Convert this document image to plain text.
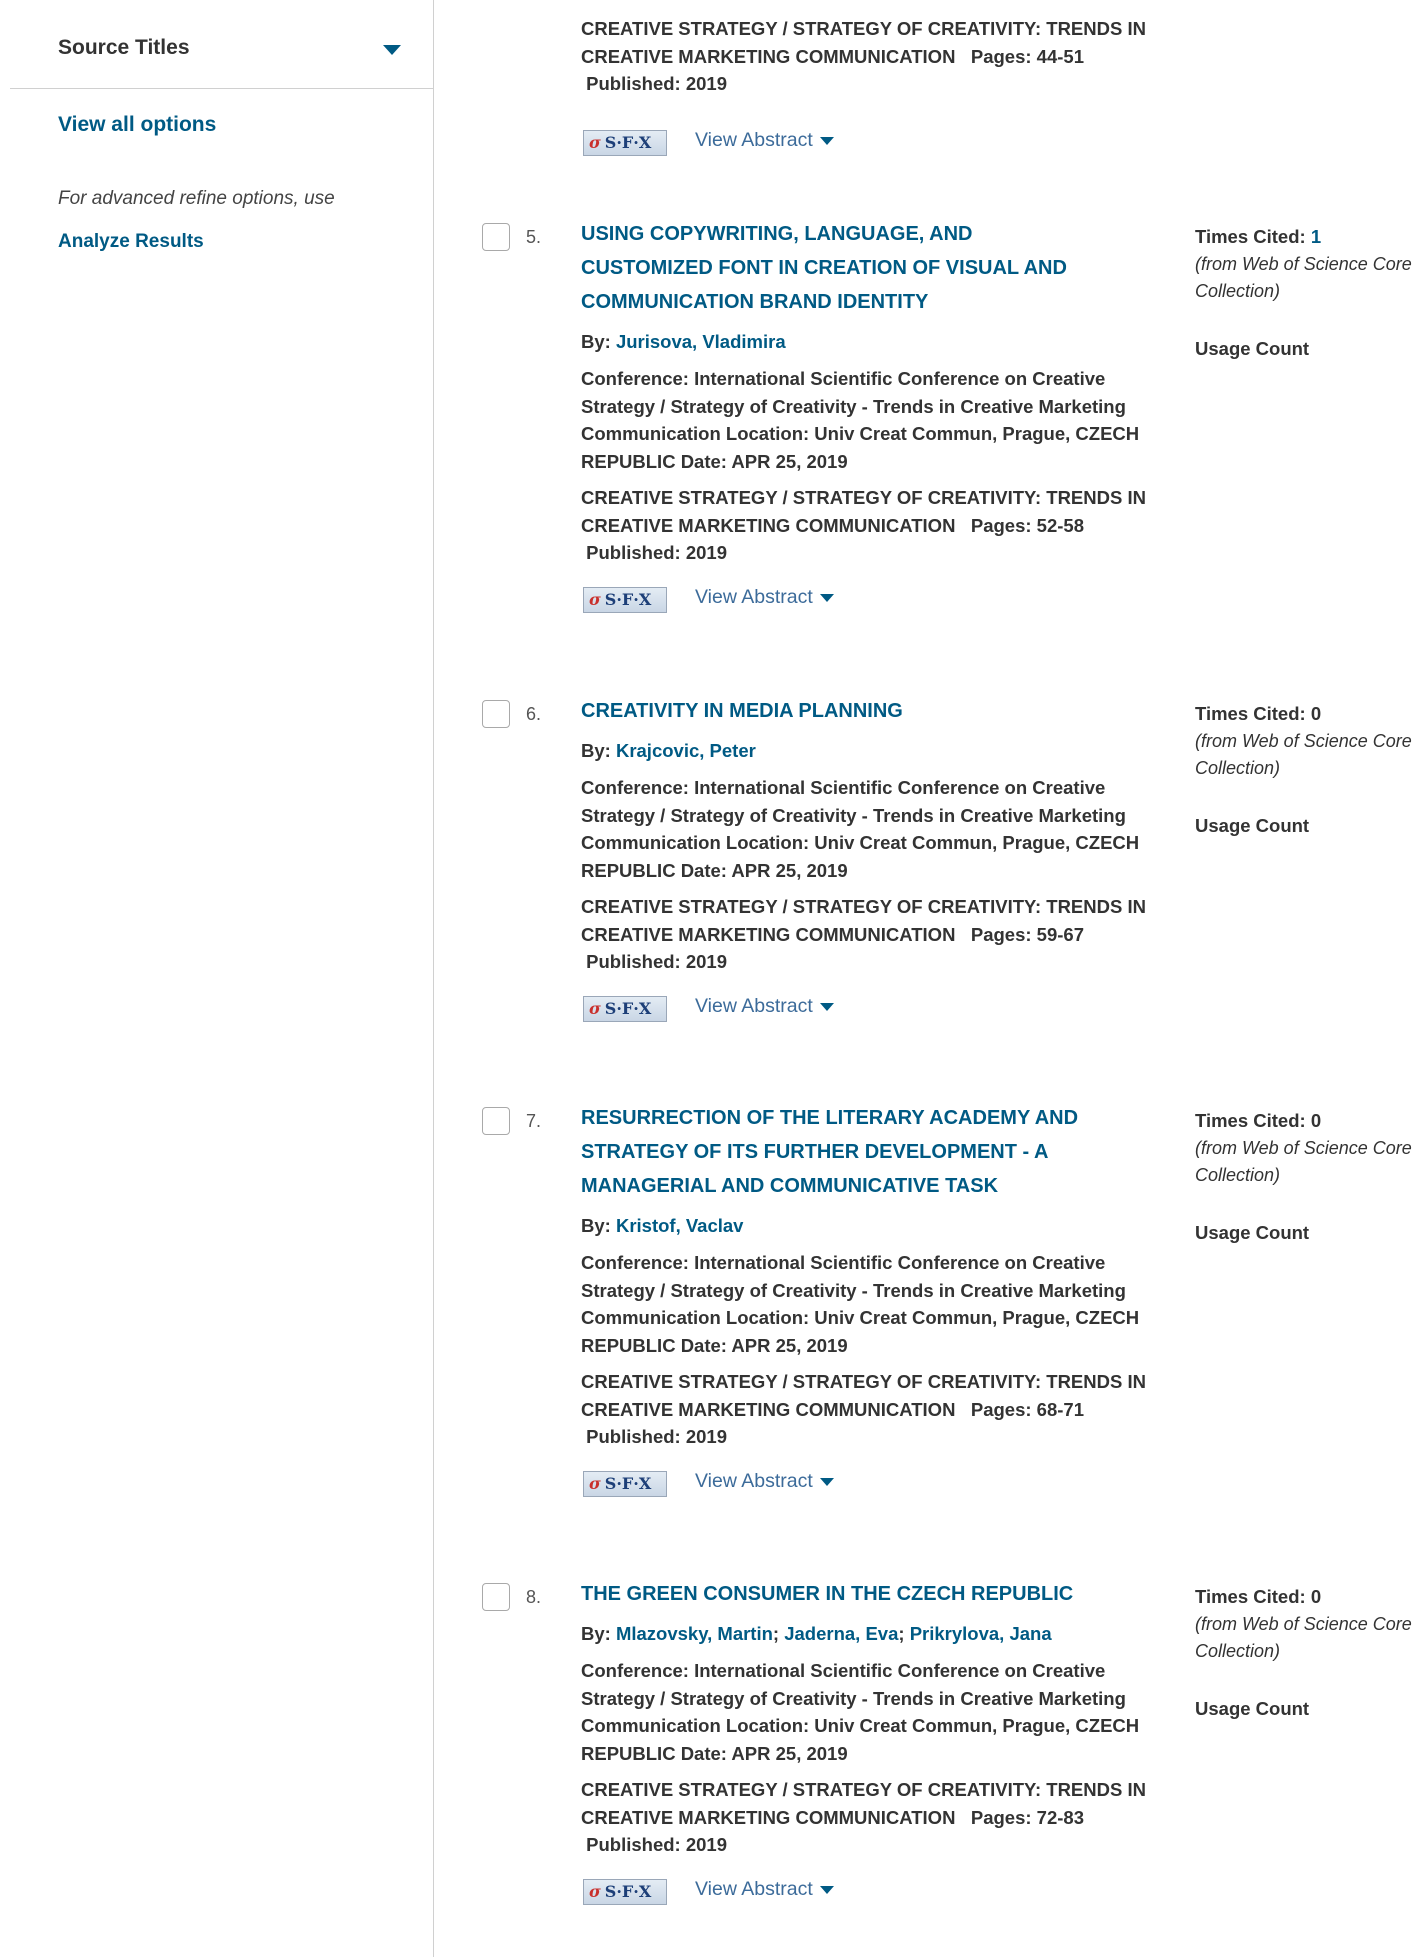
Source Titles
View all options
For advanced refine options, use
Analyze Results
CREATIVE STRATEGY / STRATEGY OF CREATIVITY: TRENDS IN CREATIVE MARKETING COMMUNICATION Pages: 44-51
Published: 2019
σ S·F·X	View Abstract
5. USING COPYWRITING, LANGUAGE, AND CUSTOMIZED FONT IN CREATION OF VISUAL AND COMMUNICATION BRAND IDENTITY
By: Jurisova, Vladimira
Conference: International Scientific Conference on Creative Strategy / Strategy of Creativity - Trends in Creative Marketing Communication Location: Univ Creat Commun, Prague, CZECH REPUBLIC Date: APR 25, 2019
CREATIVE STRATEGY / STRATEGY OF CREATIVITY: TRENDS IN CREATIVE MARKETING COMMUNICATION Pages: 52-58
Published: 2019
σ S·F·X	View Abstract
Times Cited: 1
(from Web of Science Core Collection)
Usage Count
6. CREATIVITY IN MEDIA PLANNING
By: Krajcovic, Peter
Conference: International Scientific Conference on Creative Strategy / Strategy of Creativity - Trends in Creative Marketing Communication Location: Univ Creat Commun, Prague, CZECH REPUBLIC Date: APR 25, 2019
CREATIVE STRATEGY / STRATEGY OF CREATIVITY: TRENDS IN CREATIVE MARKETING COMMUNICATION Pages: 59-67
Published: 2019
σ S·F·X	View Abstract
Times Cited: 0
(from Web of Science Core Collection)
Usage Count
7. RESURRECTION OF THE LITERARY ACADEMY AND STRATEGY OF ITS FURTHER DEVELOPMENT - A MANAGERIAL AND COMMUNICATIVE TASK
By: Kristof, Vaclav
Conference: International Scientific Conference on Creative Strategy / Strategy of Creativity - Trends in Creative Marketing Communication Location: Univ Creat Commun, Prague, CZECH REPUBLIC Date: APR 25, 2019
CREATIVE STRATEGY / STRATEGY OF CREATIVITY: TRENDS IN CREATIVE MARKETING COMMUNICATION Pages: 68-71
Published: 2019
σ S·F·X	View Abstract
Times Cited: 0
(from Web of Science Core Collection)
Usage Count
8. THE GREEN CONSUMER IN THE CZECH REPUBLIC
By: Mlazovsky, Martin; Jaderna, Eva; Prikrylova, Jana
Conference: International Scientific Conference on Creative Strategy / Strategy of Creativity - Trends in Creative Marketing Communication Location: Univ Creat Commun, Prague, CZECH REPUBLIC Date: APR 25, 2019
CREATIVE STRATEGY / STRATEGY OF CREATIVITY: TRENDS IN CREATIVE MARKETING COMMUNICATION Pages: 72-83
Published: 2019
σ S·F·X	View Abstract
Times Cited: 0
(from Web of Science Core Collection)
Usage Count
